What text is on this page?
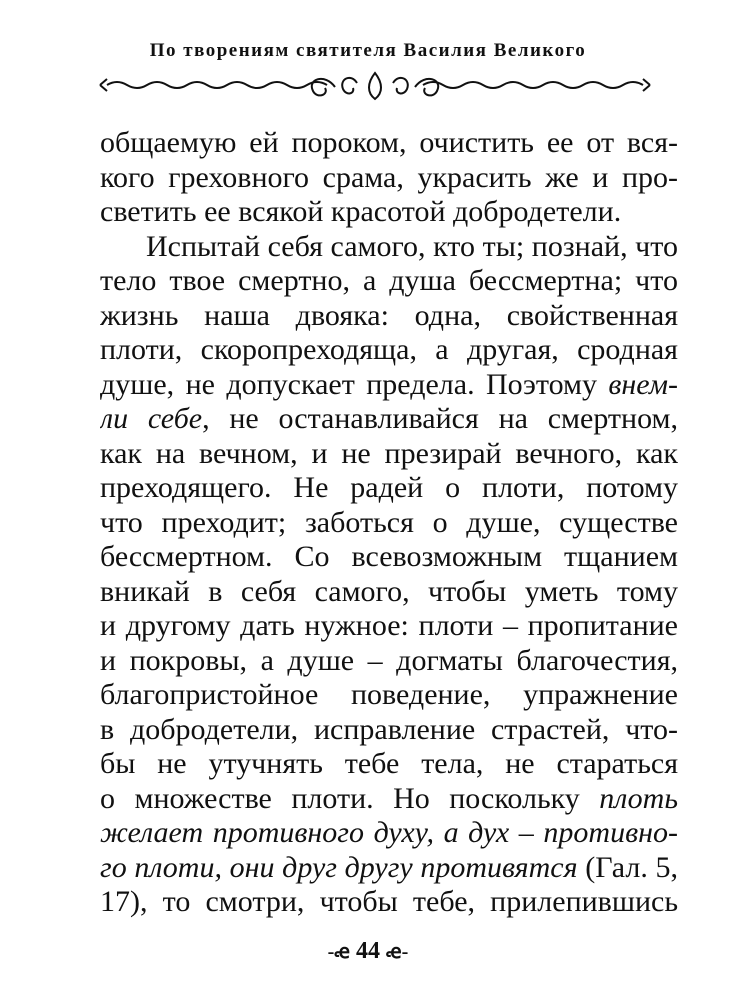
По творениям святителя Василия Великого
общаемую ей пороком, очистить ее от вся-
кого греховного срама, украсить же и про-
светить ее всякой красотой добродетели.
Испытай себя самого, кто ты; познай, что
тело твое смертно, а душа бессмертна; что
жизнь наша двояка: одна, свойственная
плоти, скоропреходяща, а другая, сродная
душе, не допускает предела. Поэтому внем-
ли себе, не останавливайся на смертном,
как на вечном, и не презирай вечного, как
преходящего. Не радей о плоти, потому
что преходит; заботься о душе, существе
бессмертном. Со всевозможным тщанием
вникай в себя самого, чтобы уметь тому
и другому дать нужное: плоти – пропитание
и покровы, а душе – догматы благочестия,
благопристойное поведение, упражнение
в добродетели, исправление страстей, что-
бы не утучнять тебе тела, не стараться
о множестве плоти. Но поскольку плоть
желает противного духу, а дух – противно-
го плоти, они друг другу противятся (Гал. 5,
17), то смотри, чтобы тебе, прилепившись
-ꬴ 44 ꬴ-
